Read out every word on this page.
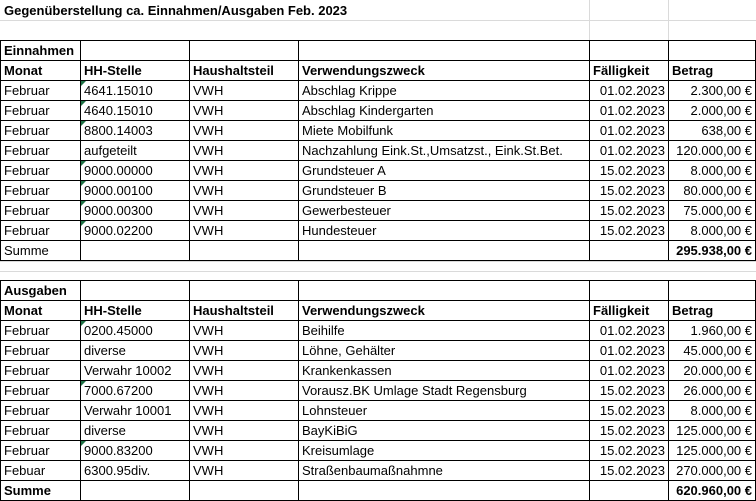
Gegenüberstellung ca. Einnahmen/Ausgaben Feb. 2023
Einnahmen					
Monat	HH-Stelle	Haushaltsteil	Verwendungszweck	Fälligkeit	Betrag
Februar	4641.15010	VWH	Abschlag Krippe	01.02.2023	2.300,00 €
Februar	4640.15010	VWH	Abschlag Kindergarten	01.02.2023	2.000,00 €
Februar	8800.14003	VWH	Miete Mobilfunk	01.02.2023	638,00 €
Februar	aufgeteilt	VWH	Nachzahlung Eink.St.,Umsatzst., Eink.St.Bet.	01.02.2023	120.000,00 €
Februar	9000.00000	VWH	Grundsteuer A	15.02.2023	8.000,00 €
Februar	9000.00100	VWH	Grundsteuer B	15.02.2023	80.000,00 €
Februar	9000.00300	VWH	Gewerbesteuer	15.02.2023	75.000,00 €
Februar	9000.02200	VWH	Hundesteuer	15.02.2023	8.000,00 €
Summe					295.938,00 €
Ausgaben					
Monat	HH-Stelle	Haushaltsteil	Verwendungszweck	Fälligkeit	Betrag
Februar	0200.45000	VWH	Beihilfe	01.02.2023	1.960,00 €
Februar	diverse	VWH	Löhne, Gehälter	01.02.2023	45.000,00 €
Februar	Verwahr 10002	VWH	Krankenkassen	01.02.2023	20.000,00 €
Februar	7000.67200	VWH	Vorausz.BK Umlage Stadt Regensburg	15.02.2023	26.000,00 €
Februar	Verwahr 10001	VWH	Lohnsteuer	15.02.2023	8.000,00 €
Februar	diverse	VWH	BayKiBiG	15.02.2023	125.000,00 €
Februar	9000.83200	VWH	Kreisumlage	15.02.2023	125.000,00 €
Febuar	6300.95div.	VWH	Straßenbaumaßnahmne	15.02.2023	270.000,00 €
Summe					620.960,00 €
